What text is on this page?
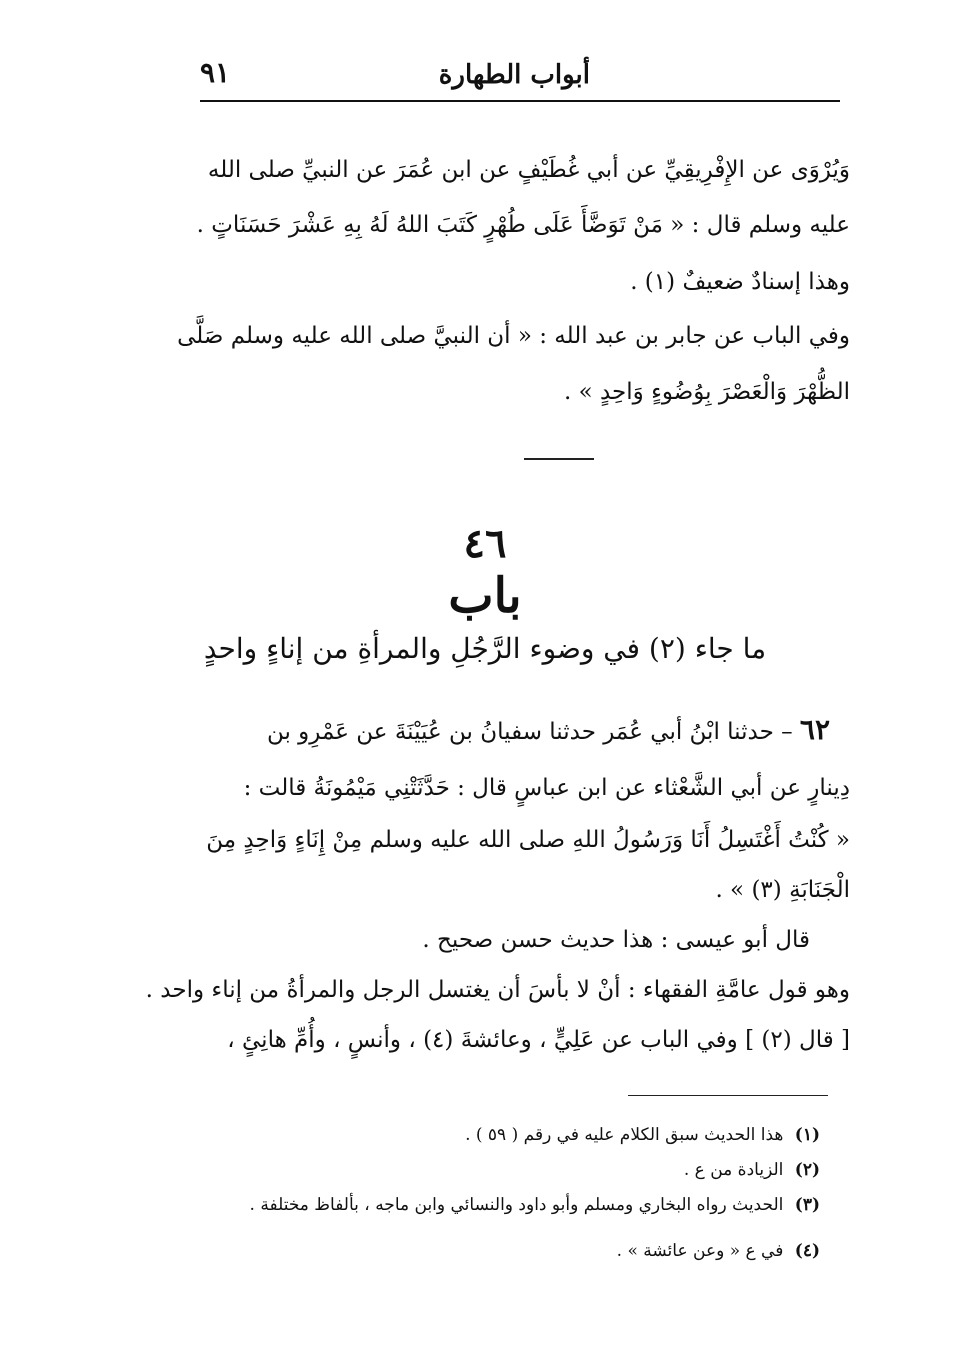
٩١	أبواب الطهارة
وَيُرْوَى عن الإِفْرِيقِيِّ عن أبي غُطَيْفٍ عن ابن عُمَرَ عن النبيِّ صلى الله
عليه وسلم قال : « مَنْ تَوَضَّأَ عَلَى طُهْرٍ كَتَبَ اللهُ لَهُ بِهِ عَشْرَ حَسَنَاتٍ .
وهذا إسنادٌ ضعيفٌ (١) .
وفي الباب عن جابر بن عبد الله : « أن النبيَّ صلى الله عليه وسلم صَلَّى
الظُّهْرَ وَالْعَصْرَ بِوُضُوءٍ وَاحِدٍ » .
٤٦
باب
ما جاء (٢) في وضوء الرَّجُلِ والمرأةِ من إناءٍ واحدٍ
٦٢ – حدثنا ابْنُ أبي عُمَر حدثنا سفيانُ بن عُيَيْنَةَ عن عَمْرِو بن
دِينارٍ عن أبي الشَّعْثاء عن ابن عباسٍ قال : حَدَّثَتْنِي مَيْمُونَةُ قالت :
« كُنْتُ أَغْتَسِلُ أَنَا وَرَسُولُ اللهِ صلى الله عليه وسلم مِنْ إِنَاءٍ وَاحِدٍ مِنَ
الْجَنَابَةِ (٣) » .
قال أبو عيسى : هذا حديث حسن صحيح .
وهو قول عامَّةِ الفقهاء : أنْ لا بأسَ أن يغتسل الرجل والمرأةُ من إناء واحد .
[ قال (٢) ] وفي الباب عن عَلِيٍّ ، وعائشةَ (٤) ، وأنسٍ ، وأُمِّ هانِئٍ ،
(١) هذا الحديث سبق الكلام عليه في رقم ( ٥٩ ) .
(٢) الزيادة من ع .
(٣) الحديث رواه البخاري ومسلم وأبو داود والنسائي وابن ماجه ، بألفاظ مختلفة .
(٤) في ع « وعن عائشة » .
